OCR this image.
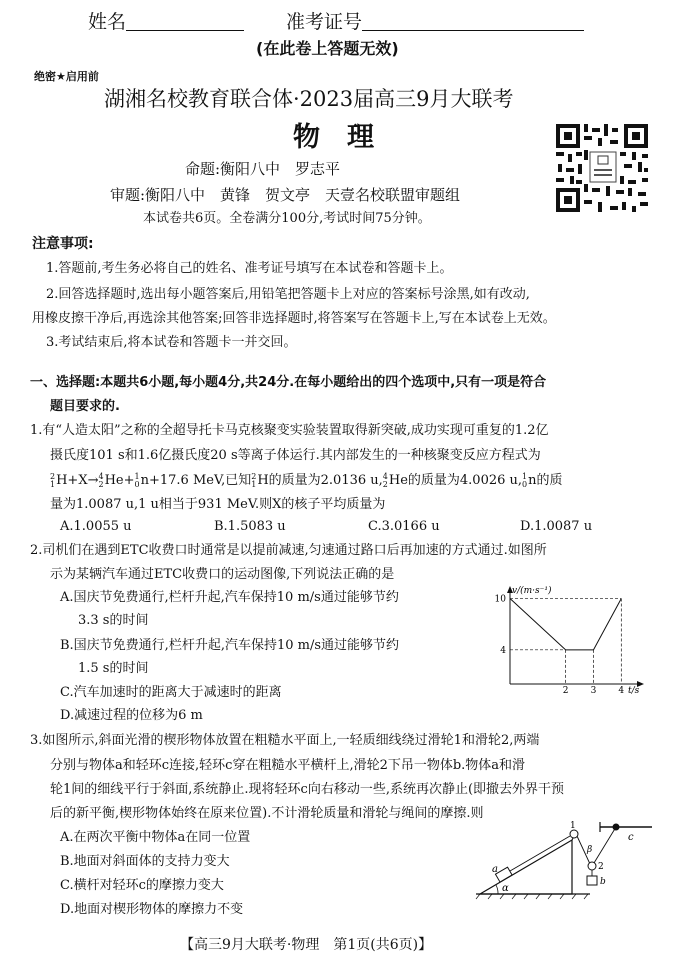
姓名	准考证号
(在此卷上答题无效)
绝密★启用前
湖湘名校教育联合体·2023届高三9月大联考
物　理
命题:衡阳八中　罗志平
审题:衡阳八中　黄锋　贺文亭　天壹名校联盟审题组
本试卷共6页。全卷满分100分,考试时间75分钟。
注意事项:
1.答题前,考生务必将自己的姓名、准考证号填写在本试卷和答题卡上。
2.回答选择题时,选出每小题答案后,用铅笔把答题卡上对应的答案标号涂黑,如有改动,
用橡皮擦干净后,再选涂其他答案;回答非选择题时,将答案写在答题卡上,写在本试卷上无效。
3.考试结束后,将本试卷和答题卡一并交回。
一、选择题:本题共6小题,每小题4分,共24分.在每小题给出的四个选项中,只有一项是符合
题目要求的.
1.有“人造太阳”之称的全超导托卡马克核聚变实验装置取得新突破,成功实现可重复的1.2亿
摄氏度101 s和1.6亿摄氏度20 s等离子体运行.其内部发生的一种核聚变反应方程式为
2
1H+X→4
2He+1
0n+17.6 MeV,已知2
1H的质量为2.0136 u,4
2He的质量为4.0026 u,1
0n的质
量为1.0087 u,1 u相当于931 MeV.则X的核子平均质量为
A.1.0055 u	B.1.5083 u	C.3.0166 u	D.1.0087 u
2.司机们在遇到ETC收费口时通常是以提前减速,匀速通过路口后再加速的方式通过.如图所
示为某辆汽车通过ETC收费口的运动图像,下列说法正确的是
A.国庆节免费通行,栏杆升起,汽车保持10 m/s通过能够节约
3.3 s的时间
B.国庆节免费通行,栏杆升起,汽车保持10 m/s通过能够节约
1.5 s的时间
C.汽车加速时的距离大于减速时的距离
D.减速过程的位移为6 m
v/(m·s⁻¹)
t/s
10
4
2 3 4
3.如图所示,斜面光滑的楔形物体放置在粗糙水平面上,一轻质细线绕过滑轮1和滑轮2,两端
分别与物体a和轻环c连接,轻环c穿在粗糙水平横杆上,滑轮2下吊一物体b.物体a和滑
轮1间的细线平行于斜面,系统静止.现将轻环c向右移动一些,系统再次静止(即撤去外界干预
后的新平衡,楔形物体始终在原来位置).不计滑轮质量和滑轮与绳间的摩擦.则
A.在两次平衡中物体a在同一位置
B.地面对斜面体的支持力变大
C.横杆对轻环c的摩擦力变大
D.地面对楔形物体的摩擦力不变
α
a
1
2
β
b
c
【高三9月大联考·物理　第1页(共6页)】
